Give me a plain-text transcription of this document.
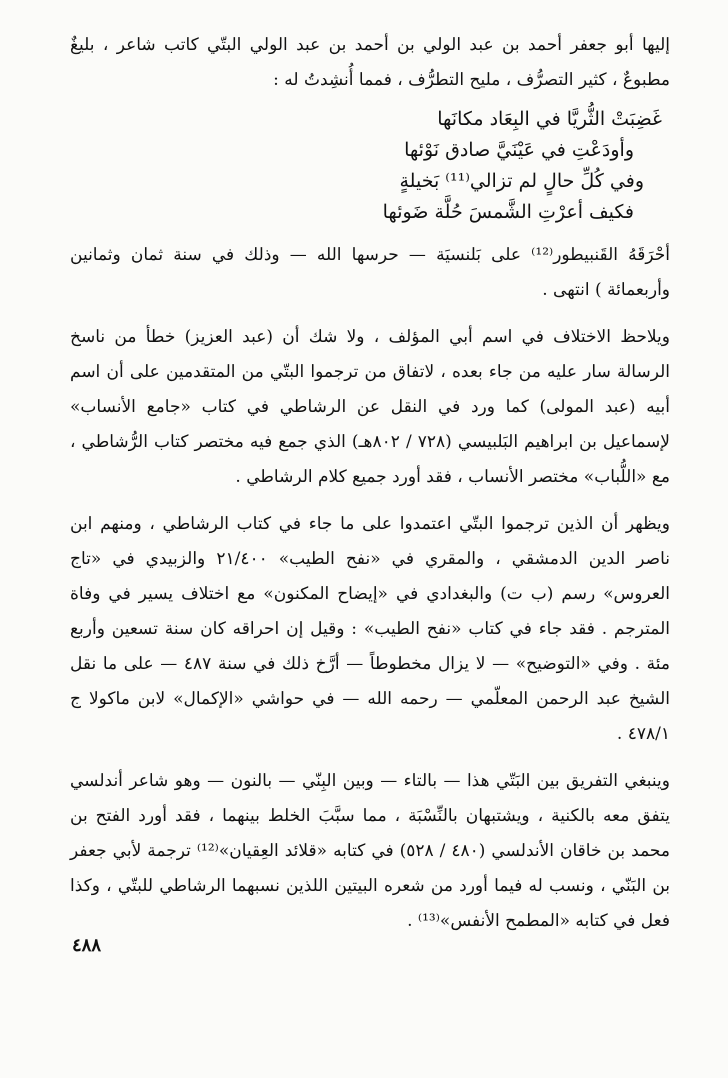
إليها أبو جعفر أحمد بن عبد الولي بن أحمد بن عبد الولي البتّي كاتب شاعر ، بليغٌ مطبوعٌ ، كثير التصرُّف ، مليح التطرُّف ، فمما أُنشِدتُ له :

غَضِبَتْ الثُّريَّا في البِعَاد مكانَها

وأودَعْتِ في عَيْنَيَّ صادق نَوْئها

وفي كُلِّ حالٍ لم تزالي⁽¹¹⁾ بَخيلةٍ

فكيف أعرْتِ الشَّمسَ حُلَّة ضَوئها

أحْرَقَهُ القَنبيطور⁽¹²⁾ على بَلنسيَة — حرسها الله — وذلك في سنة ثمان وثمانين وأربعمائة ) انتهى .

ويلاحظ الاختلاف في اسم أبي المؤلف ، ولا شك أن (عبد العزيز) خطأ من ناسخ الرسالة سار عليه من جاء بعده ، لاتفاق من ترجموا البتّي من المتقدمين على أن اسم أبيه (عبد المولى) كما ورد في النقل عن الرشاطي في كتاب «جامع الأنساب» لإسماعيل بن ابراهيم البَلبيسي (٧٢٨ / ٨٠٢هـ) الذي جمع فيه مختصر كتاب الرُّشاطي ، مع «اللُّباب» مختصر الأنساب ، فقد أورد جميع كلام الرشاطي .

ويظهر أن الذين ترجموا البتّي اعتمدوا على ما جاء في كتاب الرشاطي ، ومنهم ابن ناصر الدين الدمشقي ، والمقري في «نفح الطيب» ٢١/٤٠٠ والزبيدي في «تاج العروس» رسم (ب ت) والبغدادي في «إيضاح المكنون» مع اختلاف يسير في وفاة المترجم . فقد جاء في كتاب «نفح الطيب» : وقيل إن احراقه كان سنة تسعين وأربع مئة . وفي «التوضيح» — لا يزال مخطوطاً — أرَّخ ذلك في سنة ٤٨٧ — على ما نقل الشيخ عبد الرحمن المعلّمي — رحمه الله — في حواشي «الإكمال» لابن ماكولا ج ٤٧٨/١ .

وينبغي التفريق بين البَتّي هذا — بالتاء — وبين البِنّي — بالنون — وهو شاعر أندلسي يتفق معه بالكنية ، ويشتبهان بالنِّسْبَة ، مما سبَّبَ الخلط بينهما ، فقد أورد الفتح بن محمد بن خاقان الأندلسي (٤٨٠ / ٥٢٨) في كتابه «قلائد العِقيان»⁽¹²⁾ ترجمة لأبي جعفر بن البَنّي ، ونسب له فيما أورد من شعره البيتين اللذين نسبهما الرشاطي للبتّي ، وكذا فعل في كتابه «المطمح الأنفس»⁽¹³⁾ .

٤٨٨
